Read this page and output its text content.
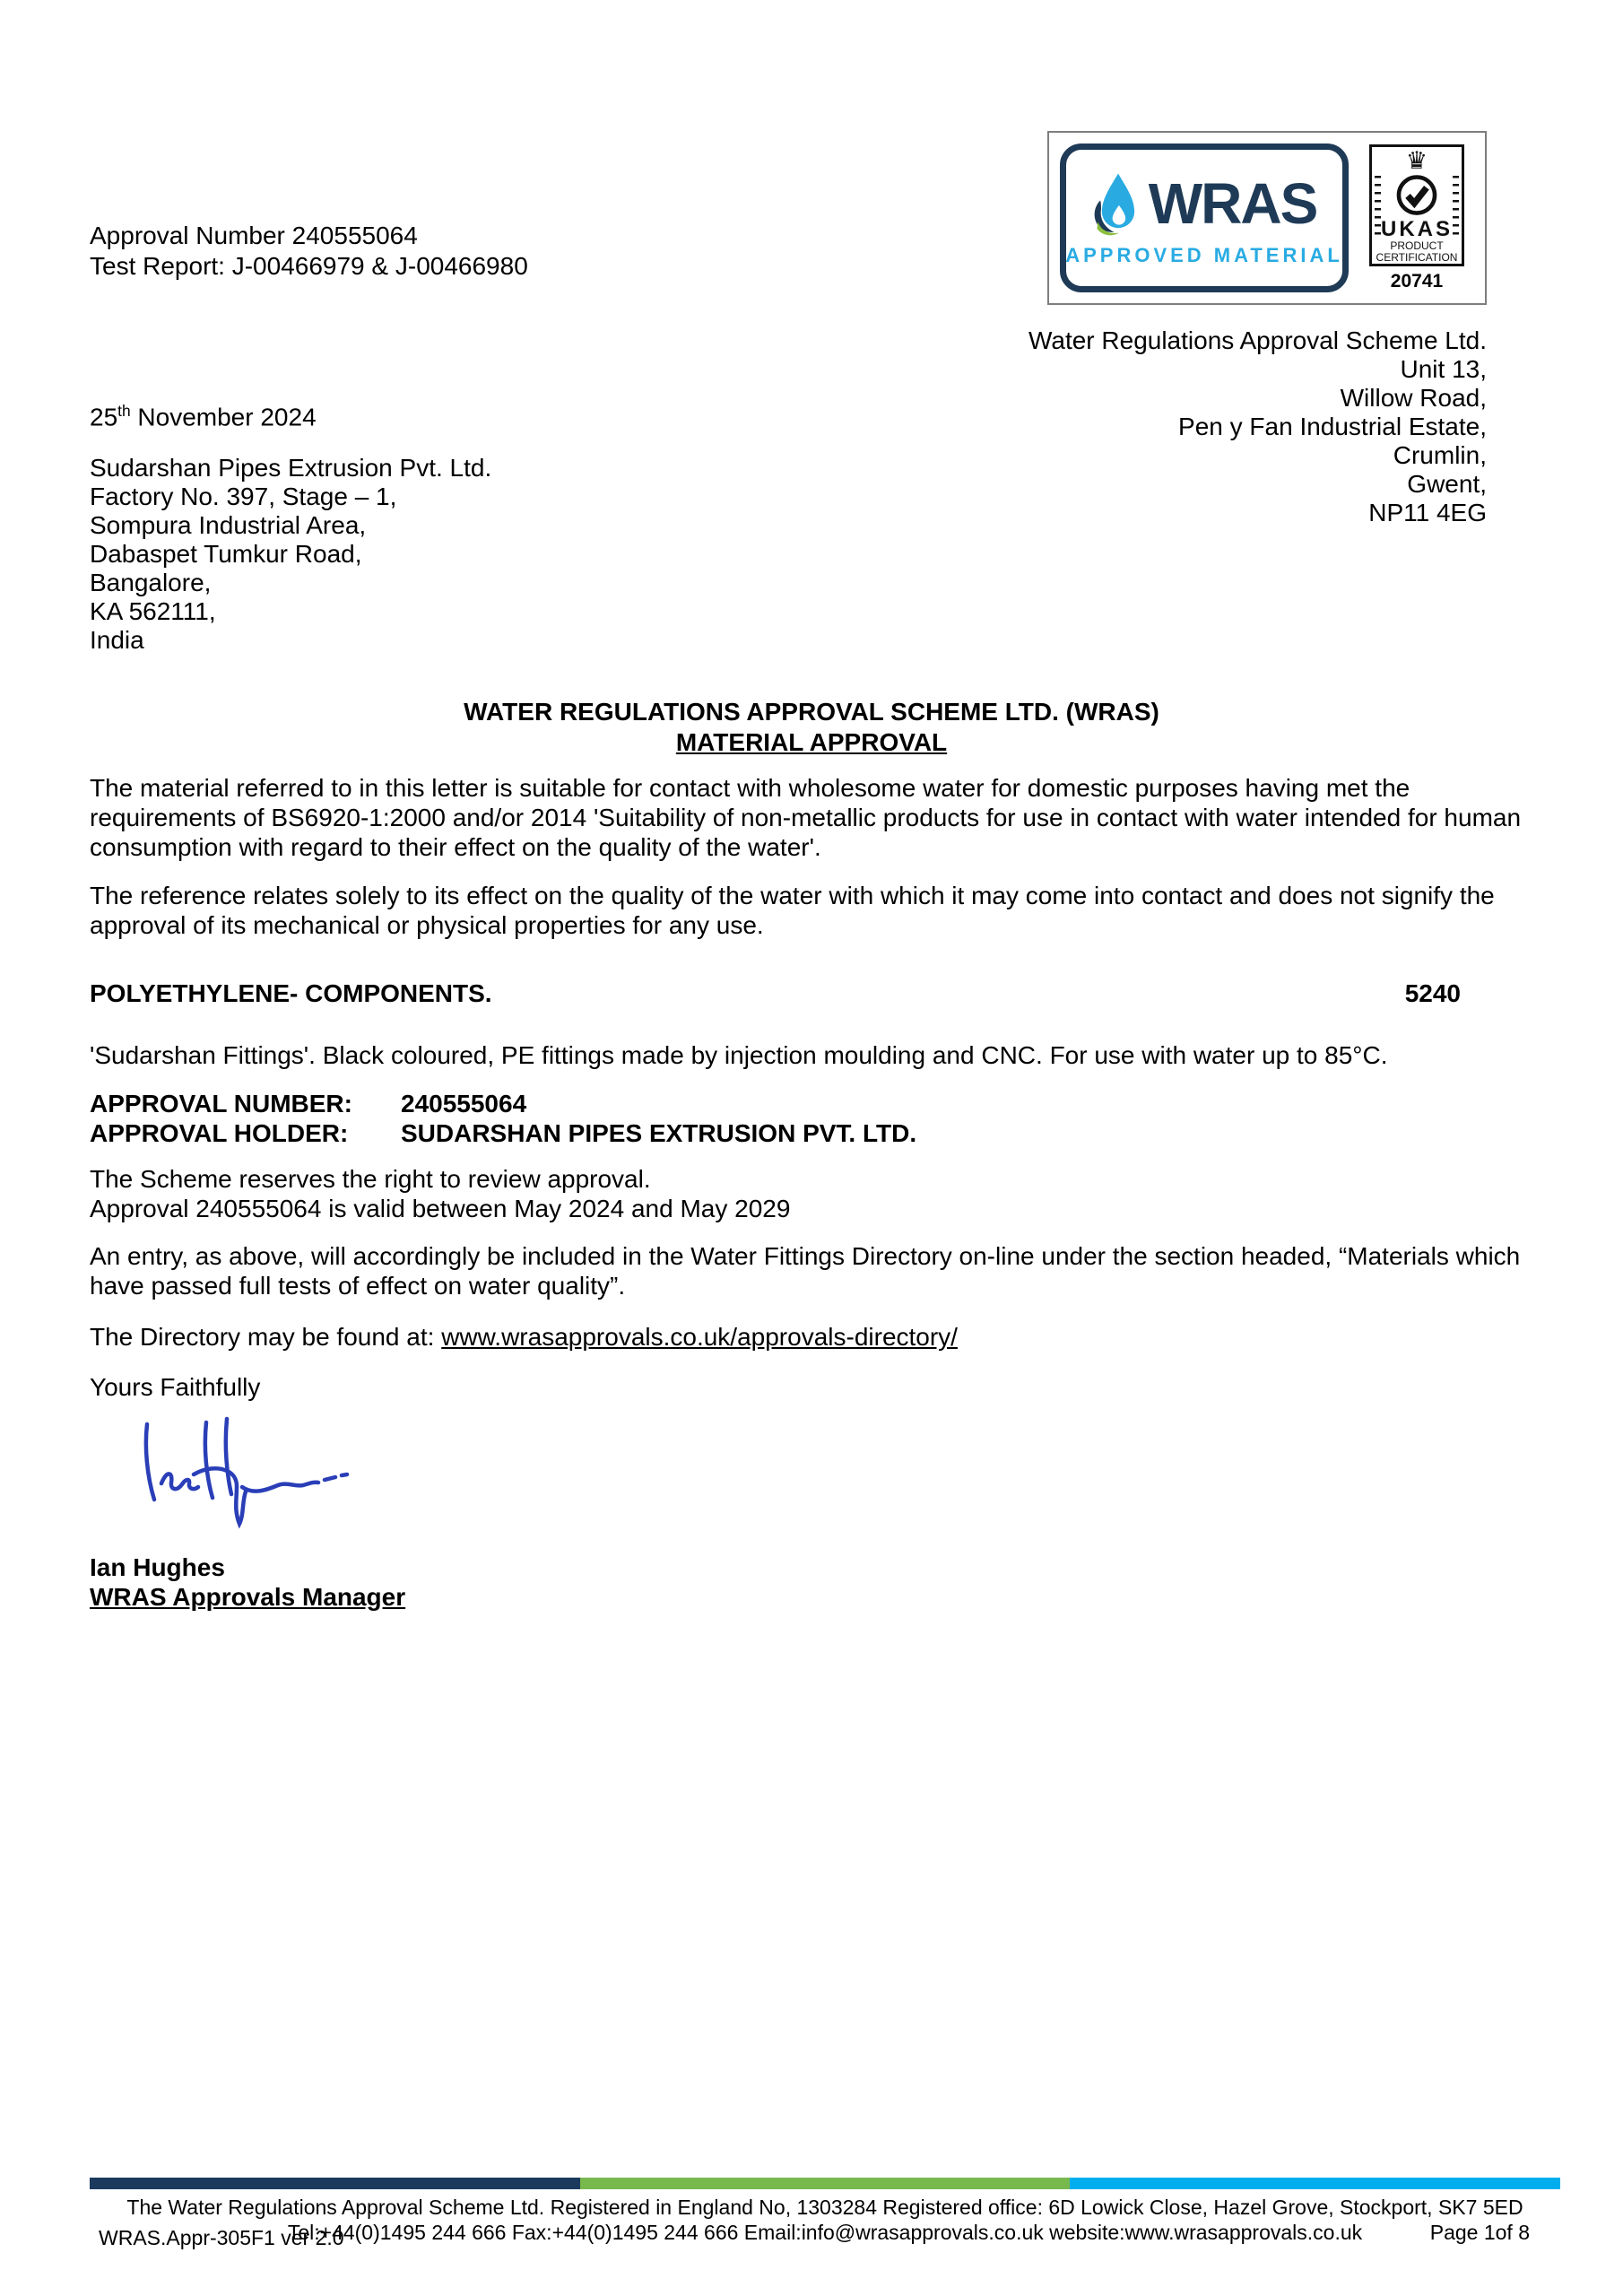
Approval Number 240555064
Test Report: J-00466979 & J-00466980
WRAS
APPROVED MATERIAL
♛
UKAS
PRODUCT
CERTIFICATION
20741
Water Regulations Approval Scheme Ltd.
Unit 13,
Willow Road,
Pen y Fan Industrial Estate,
Crumlin,
Gwent,
NP11 4EG
25th November 2024
Sudarshan Pipes Extrusion Pvt. Ltd.
Factory No. 397, Stage – 1,
Sompura Industrial Area,
Dabaspet Tumkur Road,
Bangalore,
KA 562111,
India
WATER REGULATIONS APPROVAL SCHEME LTD. (WRAS)
MATERIAL APPROVAL
The material referred to in this letter is suitable for contact with wholesome water for domestic purposes having met the requirements of BS6920-1:2000 and/or 2014 'Suitability of non-metallic products for use in contact with water intended for human consumption with regard to their effect on the quality of the water'.
The reference relates solely to its effect on the quality of the water with which it may come into contact and does not signify the approval of its mechanical or physical properties for any use.
POLYETHYLENE- COMPONENTS.	5240
'Sudarshan Fittings'. Black coloured, PE fittings made by injection moulding and CNC. For use with water up to 85°C.
APPROVAL NUMBER: 240555064
APPROVAL HOLDER: SUDARSHAN PIPES EXTRUSION PVT. LTD.
The Scheme reserves the right to review approval.
Approval 240555064 is valid between May 2024 and May 2029
An entry, as above, will accordingly be included in the Water Fittings Directory on-line under the section headed, “Materials which have passed full tests of effect on water quality”.
The Directory may be found at: www.wrasapprovals.co.uk/approvals-directory/
Yours Faithfully
Ian Hughes
WRAS Approvals Manager
The Water Regulations Approval Scheme Ltd. Registered in England No, 1303284 Registered office: 6D Lowick Close, Hazel Grove, Stockport, SK7 5ED
Tel:+44(0)1495 244 666 Fax:+44(0)1495 244 666 Email:info@wrasapprovals.co.uk website:www.wrasapprovals.co.uk
WRAS.Appr-305F1 ver 2.0	Page 1of 8
